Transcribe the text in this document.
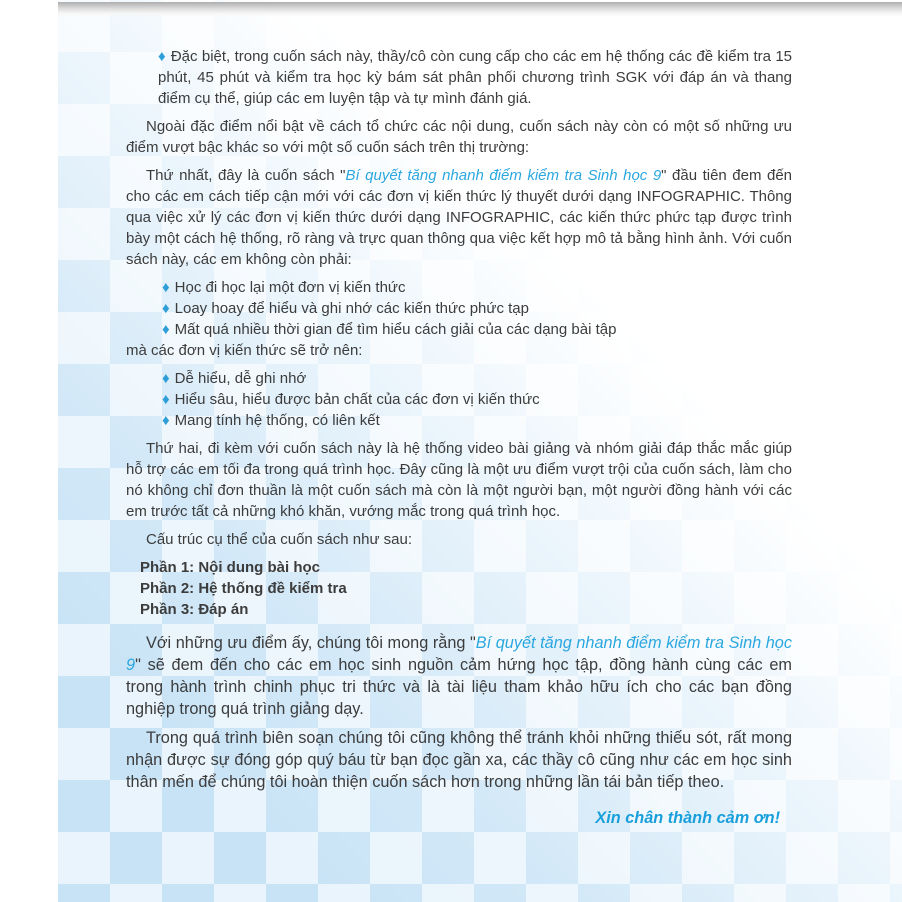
♦ Đặc biệt, trong cuốn sách này, thầy/cô còn cung cấp cho các em hệ thống các đề kiểm tra 15 phút, 45 phút và kiểm tra học kỳ bám sát phân phối chương trình SGK với đáp án và thang điểm cụ thể, giúp các em luyện tập và tự mình đánh giá.

Ngoài đặc điểm nổi bật về cách tổ chức các nội dung, cuốn sách này còn có một số những ưu điểm vượt bậc khác so với một số cuốn sách trên thị trường:

Thứ nhất, đây là cuốn sách "Bí quyết tăng nhanh điểm kiểm tra Sinh học 9" đầu tiên đem đến cho các em cách tiếp cận mới với các đơn vị kiến thức lý thuyết dưới dạng INFOGRAPHIC. Thông qua việc xử lý các đơn vị kiến thức dưới dạng INFOGRAPHIC, các kiến thức phức tạp được trình bày một cách hệ thống, rõ ràng và trực quan thông qua việc kết hợp mô tả bằng hình ảnh. Với cuốn sách này, các em không còn phải:

♦ Học đi học lại một đơn vị kiến thức

♦ Loay hoay để hiểu và ghi nhớ các kiến thức phức tạp

♦ Mất quá nhiều thời gian để tìm hiểu cách giải của các dạng bài tập

mà các đơn vị kiến thức sẽ trở nên:

♦ Dễ hiểu, dễ ghi nhớ

♦ Hiểu sâu, hiểu được bản chất của các đơn vị kiến thức

♦ Mang tính hệ thống, có liên kết

Thứ hai, đi kèm với cuốn sách này là hệ thống video bài giảng và nhóm giải đáp thắc mắc giúp hỗ trợ các em tối đa trong quá trình học. Đây cũng là một ưu điểm vượt trội của cuốn sách, làm cho nó không chỉ đơn thuần là một cuốn sách mà còn là một người bạn, một người đồng hành với các em trước tất cả những khó khăn, vướng mắc trong quá trình học.

Cấu trúc cụ thể của cuốn sách như sau:

Phần 1: Nội dung bài học

Phần 2: Hệ thống đề kiểm tra

Phần 3: Đáp án

Với những ưu điểm ấy, chúng tôi mong rằng "Bí quyết tăng nhanh điểm kiểm tra Sinh học 9" sẽ đem đến cho các em học sinh nguồn cảm hứng học tập, đồng hành cùng các em trong hành trình chinh phục tri thức và là tài liệu tham khảo hữu ích cho các bạn đồng nghiệp trong quá trình giảng dạy.

Trong quá trình biên soạn chúng tôi cũng không thể tránh khỏi những thiếu sót, rất mong nhận được sự đóng góp quý báu từ bạn đọc gần xa, các thầy cô cũng như các em học sinh thân mến để chúng tôi hoàn thiện cuốn sách hơn trong những lần tái bản tiếp theo.

Xin chân thành cảm ơn!
